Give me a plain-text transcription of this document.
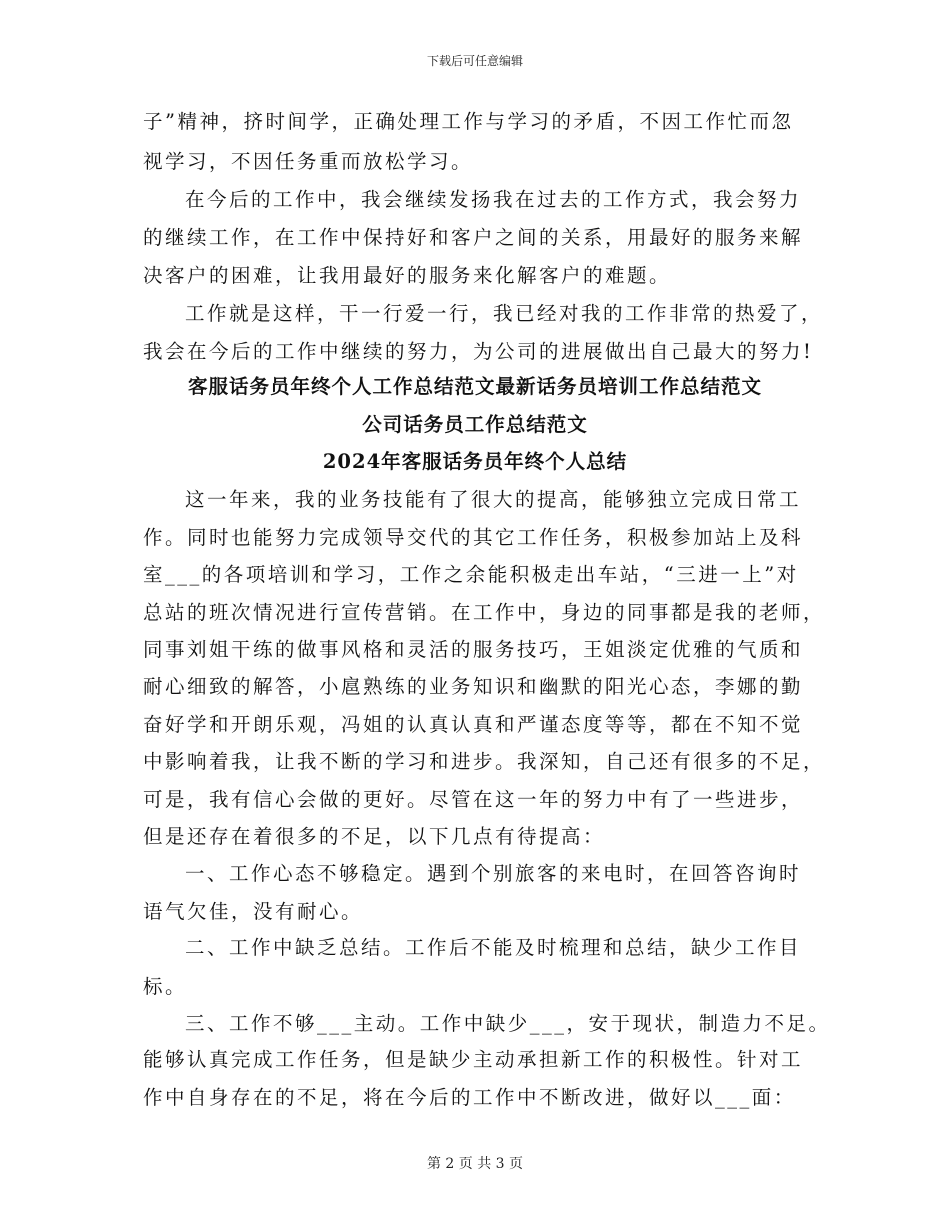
下载后可任意编辑
子”精神，挤时间学，正确处理工作与学习的矛盾，不因工作忙而忽
视学习，不因任务重而放松学习。
在今后的工作中，我会继续发扬我在过去的工作方式，我会努力
的继续工作，在工作中保持好和客户之间的关系，用最好的服务来解
决客户的困难，让我用最好的服务来化解客户的难题。
工作就是这样，干一行爱一行，我已经对我的工作非常的热爱了，
我会在今后的工作中继续的努力，为公司的进展做出自己最大的努力!
客服话务员年终个人工作总结范文最新话务员培训工作总结范文
公司话务员工作总结范文
2024年客服话务员年终个人总结
这一年来，我的业务技能有了很大的提高，能够独立完成日常工
作。同时也能努力完成领导交代的其它工作任务，积极参加站上及科
室___的各项培训和学习，工作之余能积极走出车站，“三进一上”对
总站的班次情况进行宣传营销。在工作中，身边的同事都是我的老师，
同事刘姐干练的做事风格和灵活的服务技巧，王姐淡定优雅的气质和
耐心细致的解答，小扈熟练的业务知识和幽默的阳光心态，李娜的勤
奋好学和开朗乐观，冯姐的认真认真和严谨态度等等，都在不知不觉
中影响着我，让我不断的学习和进步。我深知，自己还有很多的不足，
可是，我有信心会做的更好。尽管在这一年的努力中有了一些进步，
但是还存在着很多的不足，以下几点有待提高：
一、工作心态不够稳定。遇到个别旅客的来电时，在回答咨询时
语气欠佳，没有耐心。
二、工作中缺乏总结。工作后不能及时梳理和总结，缺少工作目
标。
三、工作不够___主动。工作中缺少___，安于现状，制造力不足。
能够认真完成工作任务，但是缺少主动承担新工作的积极性。针对工
作中自身存在的不足，将在今后的工作中不断改进，做好以___面：
第 2 页 共 3 页
